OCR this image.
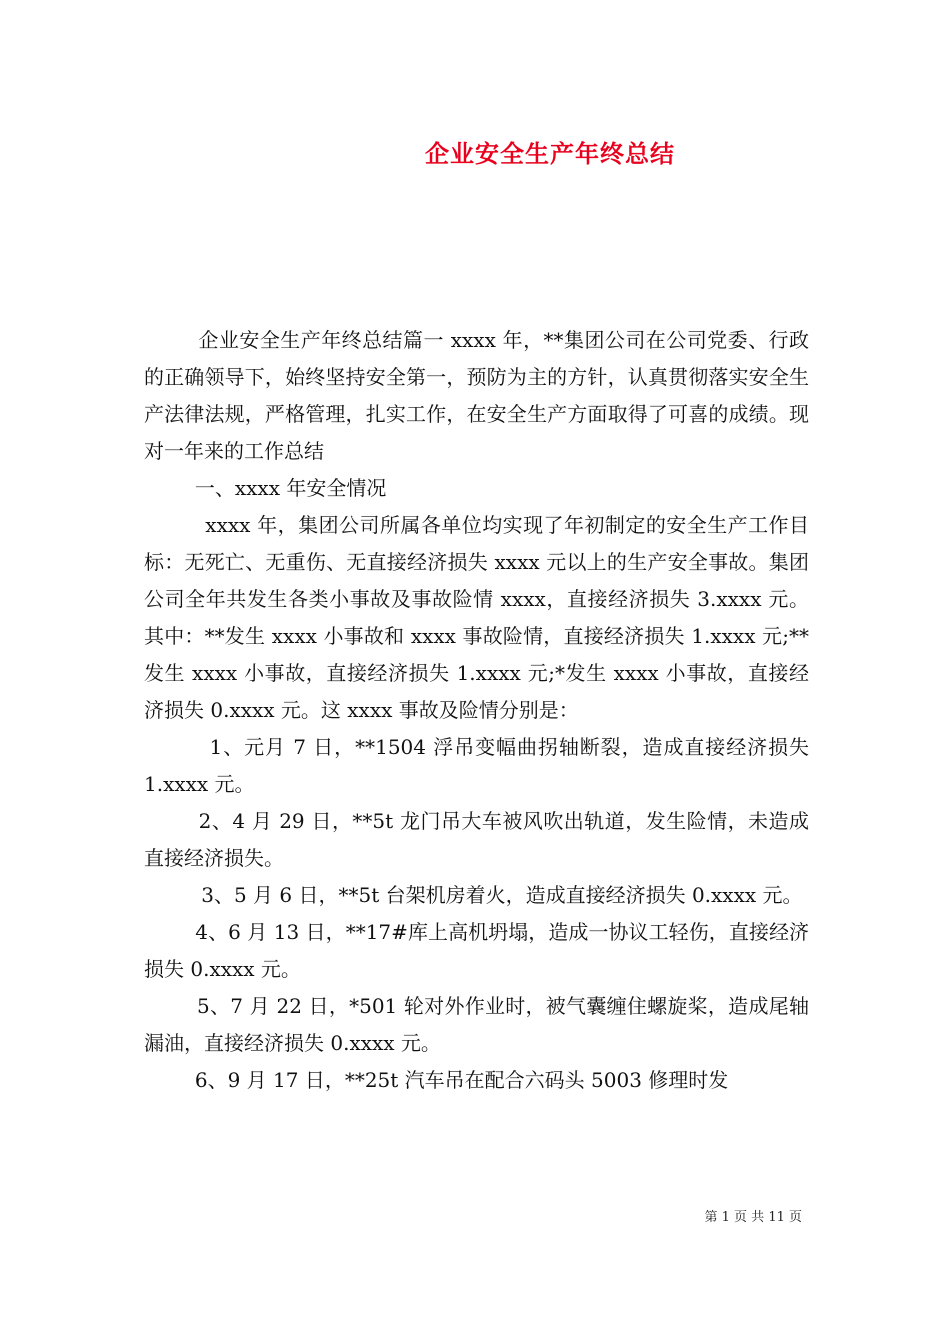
企业安全生产年终总结

企业安全生产年终总结篇一 xxxx 年，**集团公司在公司党委、行政的正确领导下，始终坚持安全第一，预防为主的方针，认真贯彻落实安全生产法律法规，严格管理，扎实工作，在安全生产方面取得了可喜的成绩。现对一年来的工作总结

一、xxxx 年安全情况

xxxx 年，集团公司所属各单位均实现了年初制定的安全生产工作目标：无死亡、无重伤、无直接经济损失 xxxx 元以上的生产安全事故。集团公司全年共发生各类小事故及事故险情 xxxx，直接经济损失 3.xxxx 元。其中：**发生 xxxx 小事故和 xxxx 事故险情，直接经济损失 1.xxxx 元;**发生 xxxx 小事故，直接经济损失 1.xxxx 元;*发生 xxxx 小事故，直接经济损失 0.xxxx 元。这 xxxx 事故及险情分别是：

1、元月 7 日，**1504 浮吊变幅曲拐轴断裂，造成直接经济损失 1.xxxx 元。

2、4 月 29 日，**5t 龙门吊大车被风吹出轨道，发生险情，未造成直接经济损失。

3、5 月 6 日，**5t 台架机房着火，造成直接经济损失 0.xxxx 元。

4、6 月 13 日，**17#库上高机坍塌，造成一协议工轻伤，直接经济损失 0.xxxx 元。

5、7 月 22 日，*501 轮对外作业时，被气囊缠住螺旋桨，造成尾轴漏油，直接经济损失 0.xxxx 元。

6、9 月 17 日，**25t 汽车吊在配合六码头 5003 修理时发

第 1 页 共 11 页
